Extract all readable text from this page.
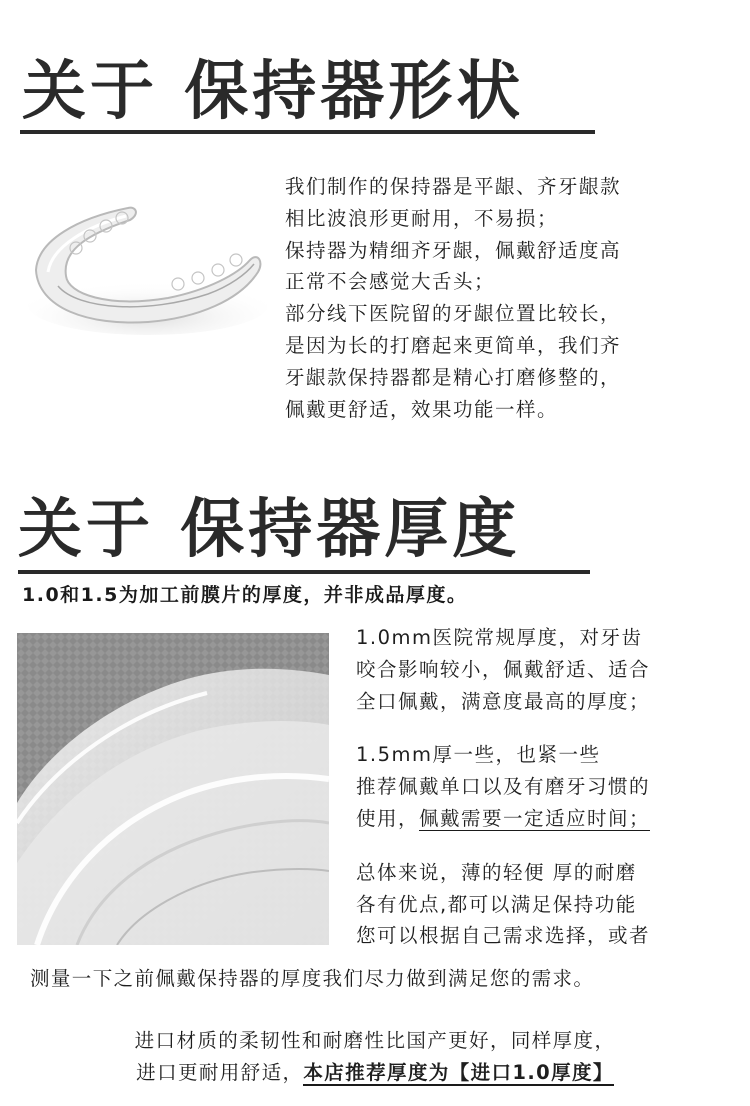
关于 保持器形状

我们制作的保持器是平龈、齐牙龈款
相比波浪形更耐用，不易损；
保持器为精细齐牙龈，佩戴舒适度高
正常不会感觉大舌头；
部分线下医院留的牙龈位置比较长，
是因为长的打磨起来更简单，我们齐
牙龈款保持器都是精心打磨修整的，
佩戴更舒适，效果功能一样。

关于 保持器厚度

1.0和1.5为加工前膜片的厚度，并非成品厚度。

1.0mm医院常规厚度，对牙齿
咬合影响较小，佩戴舒适、适合
全口佩戴，满意度最高的厚度；
1.5mm厚一些，也紧一些
推荐佩戴单口以及有磨牙习惯的
使用，佩戴需要一定适应时间；
总体来说，薄的轻便 厚的耐磨
各有优点,都可以满足保持功能
您可以根据自己需求选择，或者

测量一下之前佩戴保持器的厚度我们尽力做到满足您的需求。

进口材质的柔韧性和耐磨性比国产更好，同样厚度，
进口更耐用舒适，本店推荐厚度为【进口1.0厚度】
